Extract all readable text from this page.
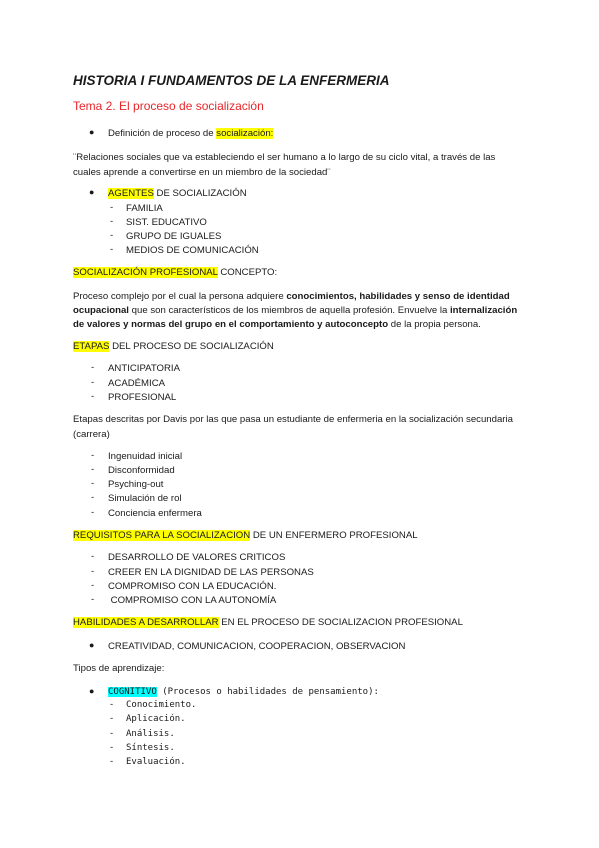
HISTORIA I FUNDAMENTOS DE LA ENFERMERIA
Tema 2. El proceso de socialización
● Definición de proceso de socialización:
¨Relaciones sociales que va estableciendo el ser humano a lo largo de su ciclo vital, a través de las
cuales aprende a convertirse en un miembro de la sociedad¨
● AGENTES DE SOCIALIZACIÓN
- FAMILIA
- SIST. EDUCATIVO
- GRUPO DE IGUALES
- MEDIOS DE COMUNICACIÓN
SOCIALIZACIÓN PROFESIONAL CONCEPTO:
Proceso complejo por el cual la persona adquiere conocimientos, habilidades y senso de identidad
ocupacional que son característicos de los miembros de aquella profesión. Envuelve la internalización
de valores y normas del grupo en el comportamiento y autoconcepto de la propia persona.
ETAPAS DEL PROCESO DE SOCIALIZACIÓN
- ANTICIPATORIA
- ACADÉMICA
- PROFESIONAL
Etapas descritas por Davis por las que pasa un estudiante de enfermeria en la socialización secundaria
(carrera)
- Ingenuidad inicial
- Disconformidad
- Psyching-out
- Simulación de rol
- Conciencia enfermera
REQUISITOS PARA LA SOCIALIZACION DE UN ENFERMERO PROFESIONAL
- DESARROLLO DE VALORES CRITICOS
- CREER EN LA DIGNIDAD DE LAS PERSONAS
- COMPROMISO CON LA EDUCACIÓN.
- COMPROMISO CON LA AUTONOMÍA
HABILIDADES A DESARROLLAR EN EL PROCESO DE SOCIALIZACION PROFESIONAL
● CREATIVIDAD, COMUNICACION, COOPERACION, OBSERVACION
Tipos de aprendizaje:
● COGNITIVO (Procesos o habilidades de pensamiento):
- Conocimiento.
- Aplicación.
- Análisis.
- Síntesis.
- Evaluación.
